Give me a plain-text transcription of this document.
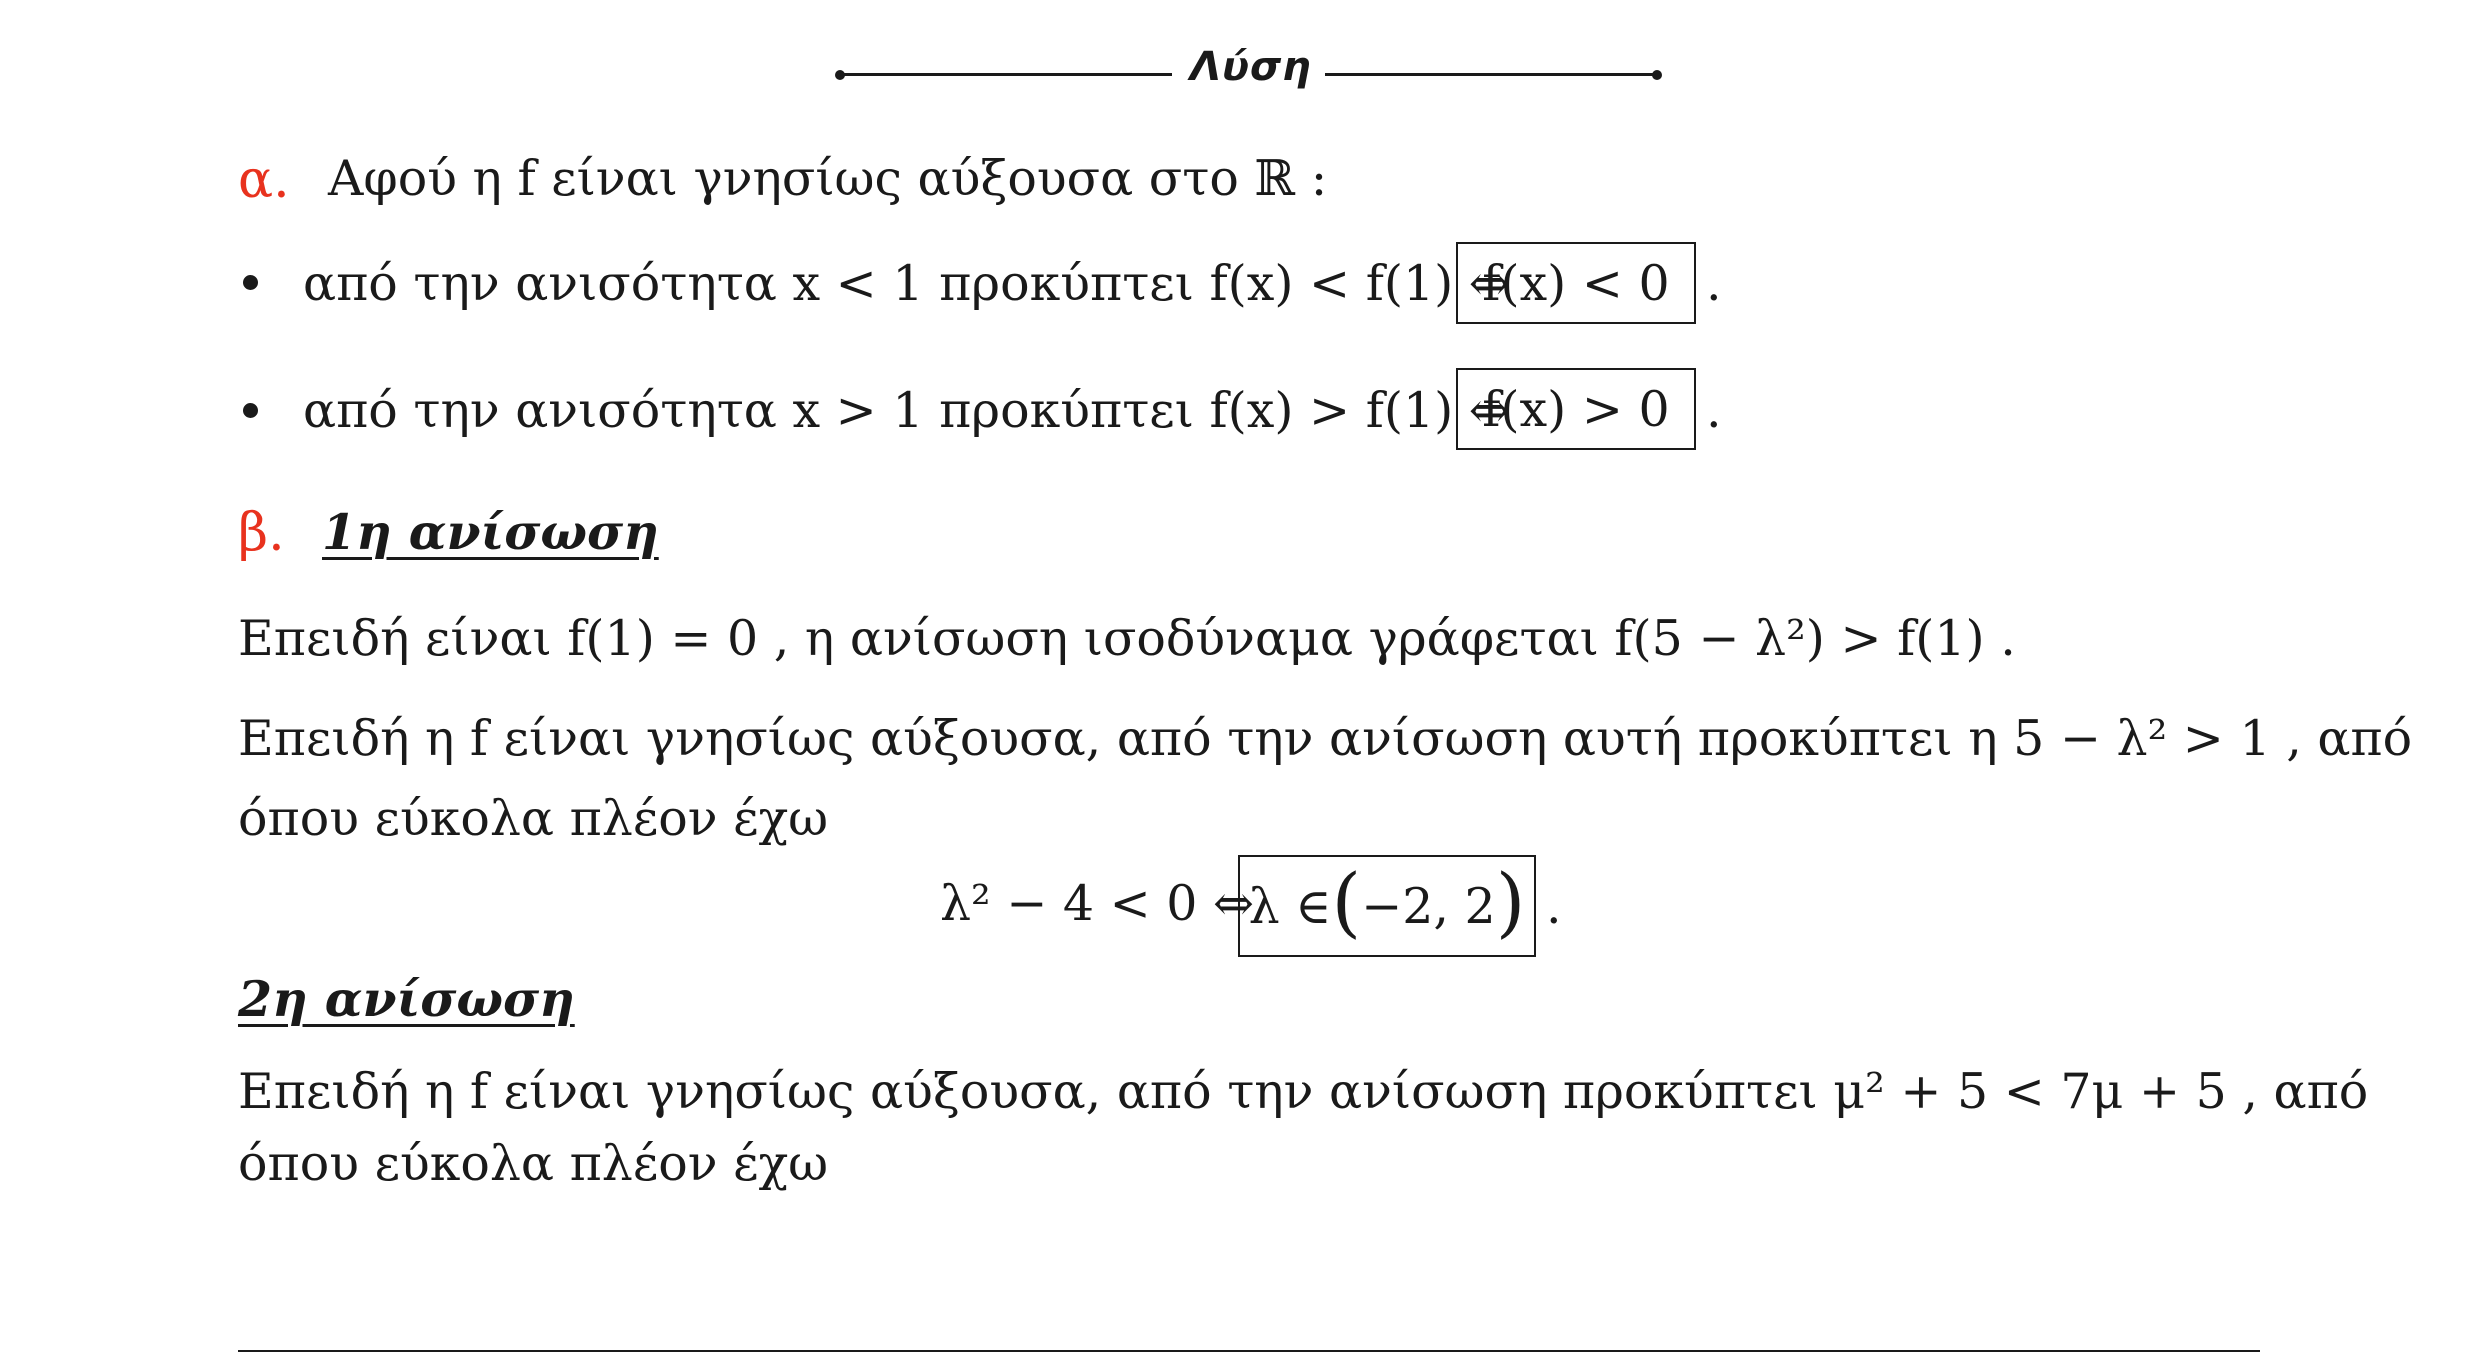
Λύση
α. Αφού η f είναι γνησίως αύξουσα στο ℝ :
από την ανισότητα x < 1 προκύπτει f(x) < f(1) ⇔
f(x) < 0 .
από την ανισότητα x > 1 προκύπτει f(x) > f(1) ⇔
f(x) > 0 .
β. 1η ανίσωση
Επειδή είναι f(1) = 0 , η ανίσωση ισοδύναμα γράφεται f(5 − λ²) > f(1) .
Επειδή η f είναι γνησίως αύξουσα, από την ανίσωση αυτή προκύπτει η 5 − λ² > 1 , από
όπου εύκολα πλέον έχω
λ² − 4 < 0 ⇔
λ ∈ ( −2, 2 ) .
2η ανίσωση
Επειδή η f είναι γνησίως αύξουσα, από την ανίσωση προκύπτει μ² + 5 < 7μ + 5 , από
όπου εύκολα πλέον έχω
